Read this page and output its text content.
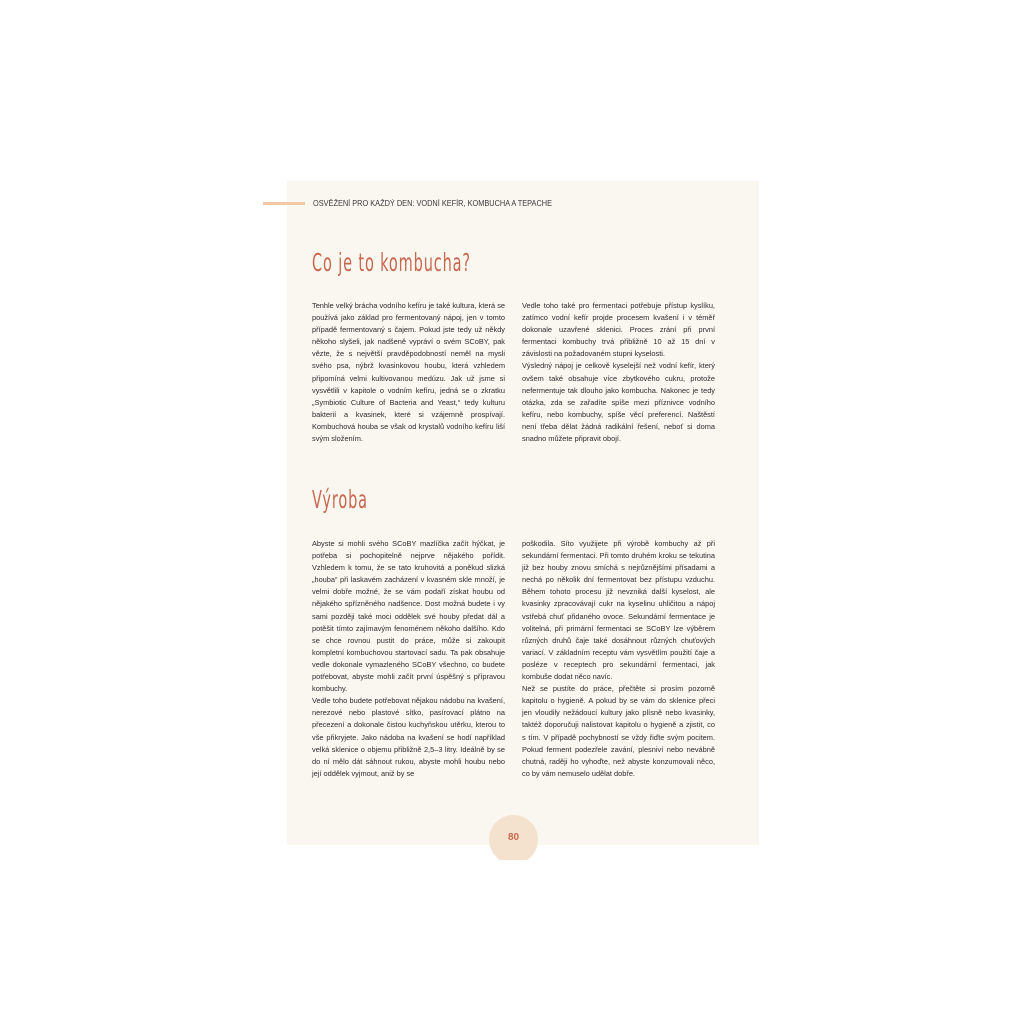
OSVĚŽENÍ PRO KAŽDÝ DEN: VODNÍ KEFÍR, KOMBUCHA A TEPACHE
Co je to kombucha?

Tenhle velký brácha vodního kefíru je také kultura, která se používá jako základ pro fermentovaný nápoj, jen v tomto případě fermentovaný s čajem. Pokud jste tedy už někdy někoho slyšeli, jak nadšeně vypráví o svém SCoBY, pak vězte, že s největší pravděpodobností neměl na mysli svého psa, nýbrž kvasinkovou houbu, která vzhledem připomíná velmi kultivovanou medúzu. Jak už jsme si vysvětlili v kapitole o vodním kefíru, jedná se o zkratku „Symbiotic Culture of Bacteria and Yeast,“ tedy kulturu bakterií a kvasinek, které si vzájemně prospívají. Kombuchová houba se však od krystalů vodního kefíru liší svým složením.

Vedle toho také pro fermentaci potřebuje přístup kyslíku, zatímco vodní kefír projde procesem kvašení i v téměř dokonale uzavřené sklenici. Proces zrání při první fermentaci kombuchy trvá přibližně 10 až 15 dní v závislosti na požadovaném stupni kyselosti.

Výsledný nápoj je celkově kyselejší než vodní kefír, který ovšem také obsahuje více zbytkového cukru, protože nefermentuje tak dlouho jako kombucha. Nakonec je tedy otázka, zda se zařadíte spíše mezi příznivce vodního kefíru, nebo kombuchy, spíše věcí preferencí. Naštěstí není třeba dělat žádná radikální řešení, neboť si doma snadno můžete připravit obojí.

Výroba

Abyste si mohli svého SCoBY mazlíčka začít hýčkat, je potřeba si pochopitelně nejprve nějakého pořídit. Vzhledem k tomu, že se tato kruhovitá a poněkud slizká „houba“ při laskavém zacházení v kvasném skle množí, je velmi dobře možné, že se vám podaří získat houbu od nějakého spřízněného nadšence. Dost možná budete i vy sami později také moci oddělek své houby předat dál a potěšit tímto zajímavým fenoménem někoho dalšího. Kdo se chce rovnou pustit do práce, může si zakoupit kompletní kombuchovou startovací sadu. Ta pak obsahuje vedle dokonale vymazleného SCoBY všechno, co budete potřebovat, abyste mohli začít první úspěšný s přípravou kombuchy.

Vedle toho budete potřebovat nějakou nádobu na kvašení, nerezové nebo plastové sítko, pasírovací plátno na přecezení a dokonale čistou kuchyňskou utěrku, kterou to vše přikryjete. Jako nádoba na kvašení se hodí například velká sklenice o objemu přibližně 2,5–3 litry. Ideálně by se do ní mělo dát sáhnout rukou, abyste mohli houbu nebo její oddělek vyjmout, aniž by se

poškodila. Síto využijete při výrobě kombuchy až při sekundární fermentaci. Při tomto druhém kroku se tekutina již bez houby znovu smíchá s nejrůznějšími přísadami a nechá po několik dní fermentovat bez přístupu vzduchu. Během tohoto procesu již nevzniká další kyselost, ale kvasinky zpracovávají cukr na kyselinu uhličitou a nápoj vstřebá chuť přidaného ovoce. Sekundární fermentace je volitelná, při primární fermentaci se SCoBY lze výběrem různých druhů čaje také dosáhnout různých chuťových variací. V základním receptu vám vysvětlím použití čaje a posléze v receptech pro sekundární fermentaci, jak kombuše dodat něco navíc.

Než se pustíte do práce, přečtěte si prosím pozorně kapitolu o hygieně. A pokud by se vám do sklenice přeci jen vloudily nežádoucí kultury jako plísně nebo kvasinky, taktéž doporučuji nalistovat kapitolu o hygieně a zjistit, co s tím. V případě pochybností se vždy řiďte svým pocitem. Pokud ferment podezřele zavání, plesniví nebo nevábně chutná, raději ho vyhoďte, než abyste konzumovali něco, co by vám nemuselo udělat dobře.

80
